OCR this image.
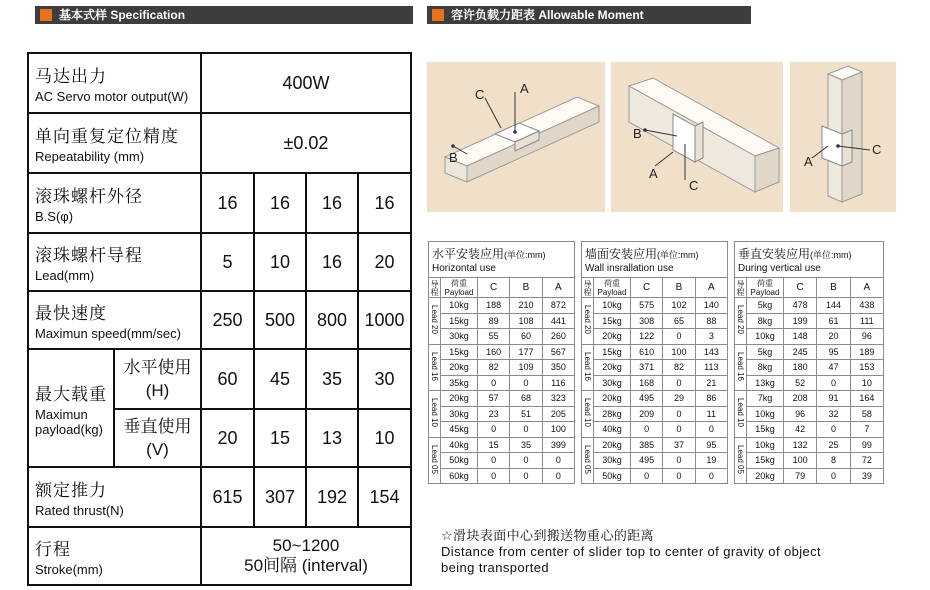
基本式样 Specification	容许负载力距表 Allowable Moment
马达出力
AC Servo motor output(W)		400W			

单向重复定位精度
Repeatability (mm)		±0.02			

滚珠螺杆外径
B.S(φ)		16	16	16	16

滚珠螺杆导程
Lead(mm)		5	10	16	20

最快速度
Maximun speed(mm/sec)		250	500	800	1000

最大载重
Maximun payload(kg)	水平使用
(H)	60	45	35	30

	垂直使用
(V)	20	15	13	10

额定推力
Rated thrust(N)		615	307	192	154

行程
Stroke(mm)		50~1200
50间隔 (interval)			
A
C
B
B
A
C
A
C
水平安装应用(单位:mm)
Horizontal use				

导程	荷重
Payload	C	B	A
Lead 20	10kg	188	210	872
	15kg	89	108	441
	30kg	55	60	260
Lead 16	15kg	160	177	567
	20kg	82	109	350
	35kg	0	0	116
Lead 10	20kg	57	68	323
	30kg	23	51	205
	45kg	0	0	100
Lead 05	40kg	15	35	399
	50kg	0	0	0
	60kg	0	0	0
墙面安装应用(单位:mm)
Wall insrallation use				

导程	荷重
Payload	C	B	A
Lead 20	10kg	575	102	140
	15kg	308	65	88
	20kg	122	0	3
Lead 16	15kg	610	100	143
	20kg	371	82	113
	30kg	168	0	21
Lead 10	20kg	495	29	86
	28kg	209	0	11
	40kg	0	0	0
Lead 05	20kg	385	37	95
	30kg	495	0	19
	50kg	0	0	0
垂直安装应用(单位:mm)
During vertical use				

导程	荷重
Payload	C	B	A
Lead 20	5kg	478	144	438
	8kg	199	61	111
	10kg	148	20	96
Lead 16	5kg	245	95	189
	8kg	180	47	153
	13kg	52	0	10
Lead 10	7kg	208	91	164
	10kg	96	32	58
	15kg	42	0	7
Lead 05	10kg	132	25	99
	15kg	100	8	72
	20kg	79	0	39
☆滑块表面中心到搬送物重心的距离
Distance from center of slider top to center of gravity of object
being transported
